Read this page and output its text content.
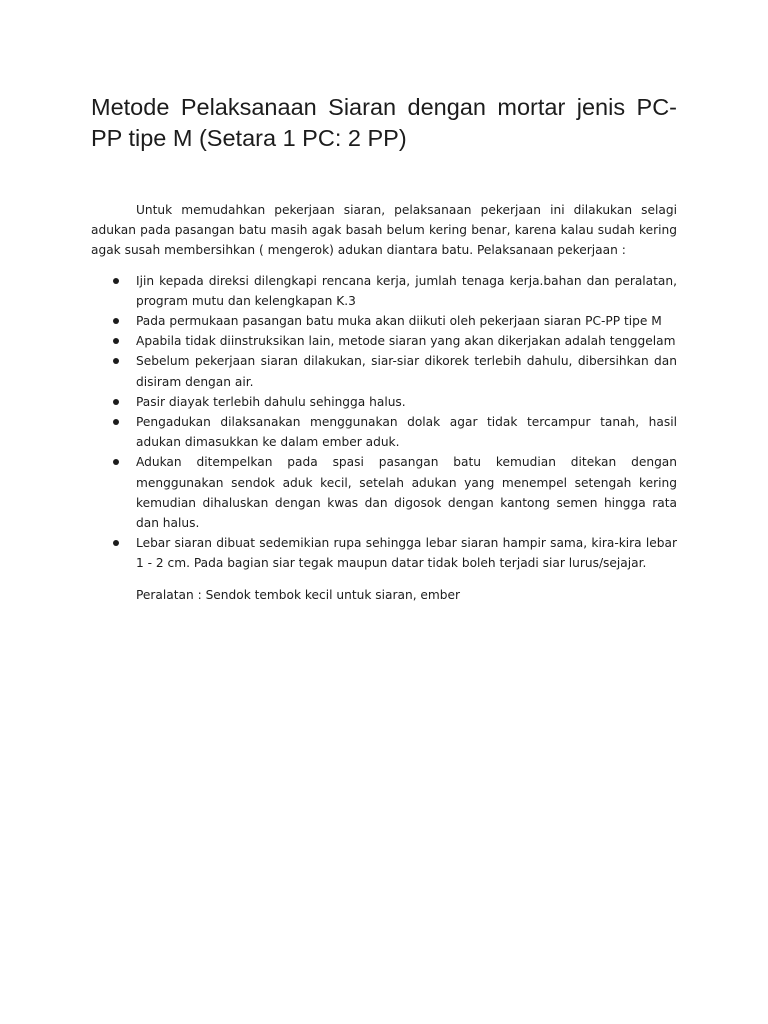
Metode Pelaksanaan Siaran dengan mortar jenis PC-PP tipe M (Setara 1 PC: 2 PP)

Untuk memudahkan pekerjaan siaran, pelaksanaan pekerjaan ini dilakukan selagi adukan pada pasangan batu masih agak basah belum kering benar, karena kalau sudah kering agak susah membersihkan ( mengerok) adukan diantara batu. Pelaksanaan pekerjaan :

Ijin kepada direksi dilengkapi rencana kerja, jumlah tenaga kerja.bahan dan peralatan, program mutu dan kelengkapan K.3
Pada permukaan pasangan batu muka akan diikuti oleh pekerjaan siaran PC-PP tipe M
Apabila tidak diinstruksikan lain, metode siaran yang akan dikerjakan adalah tenggelam
Sebelum pekerjaan siaran dilakukan, siar-siar dikorek terlebih dahulu, dibersihkan dan disiram dengan air.
Pasir diayak terlebih dahulu sehingga halus.
Pengadukan dilaksanakan menggunakan dolak agar tidak tercampur tanah, hasil adukan dimasukkan ke dalam ember aduk.
Adukan ditempelkan pada spasi pasangan batu kemudian ditekan dengan menggunakan sendok aduk kecil, setelah adukan yang menempel setengah kering kemudian dihaluskan dengan kwas dan digosok dengan kantong semen hingga rata dan halus.
Lebar siaran dibuat sedemikian rupa sehingga lebar siaran hampir sama, kira-kira lebar 1 - 2 cm. Pada bagian siar tegak maupun datar tidak boleh terjadi siar lurus/sejajar.

Peralatan : Sendok tembok kecil untuk siaran, ember
